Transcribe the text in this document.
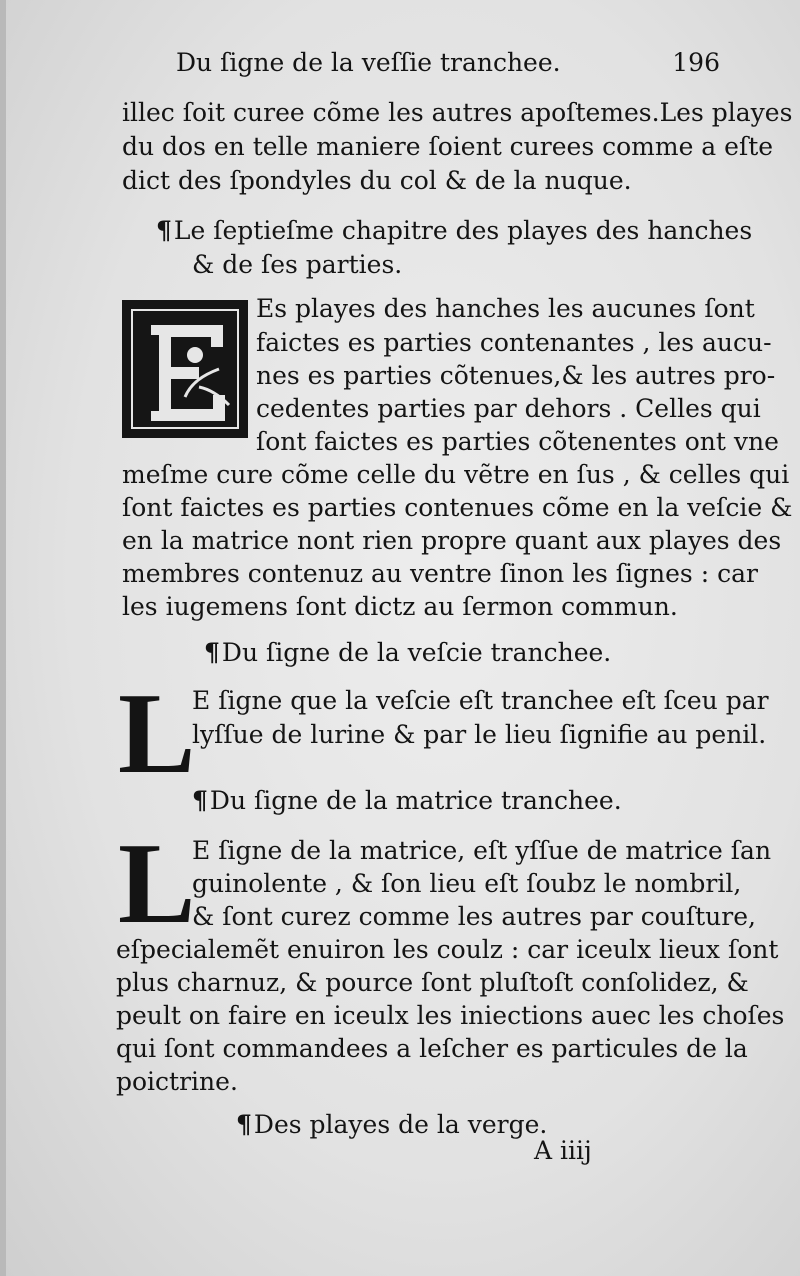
Du ſigne de la veſſie tranchee.	196
illec ſoit curee cõme les autres apoſtemes.Les playes
du dos en telle maniere ſoient curees comme a eſte
dict des ſpondyles du col & de la nuque.
¶Le ſeptieſme chapitre des playes des hanches
& de ſes parties.
Es playes des hanches les aucunes ſont
faictes es parties contenantes , les aucu-
nes es parties cõtenues,& les autres pro-
cedentes parties par dehors . Celles qui
ſont faictes es parties cõtenentes ont vne
meſme cure cõme celle du vẽtre en ſus , & celles qui
ſont faictes es parties contenues cõme en la veſcie &
en la matrice nont rien propre quant aux playes des
membres contenuz au ventre ſinon les ſignes : car
les iugemens ſont dictz au ſermon commun.
¶Du ſigne de la veſcie tranchee.
L
E ſigne que la veſcie eſt tranchee eſt ſceu par
lyſſue de lurine & par le lieu ſignifie au penil.
¶Du ſigne de la matrice tranchee.
L
E ſigne de la matrice, eſt yſſue de matrice ſan
guinolente , & ſon lieu eſt ſoubz le nombril,
& ſont curez comme les autres par couſture,
eſpecialemẽt enuiron les coulz : car iceulx lieux ſont
plus charnuz, & pource ſont pluſtoſt conſolidez, &
peult on faire en iceulx les iniections auec les choſes
qui ſont commandees a leſcher es particules de la
poictrine.
¶Des playes de la verge.
A iiij
